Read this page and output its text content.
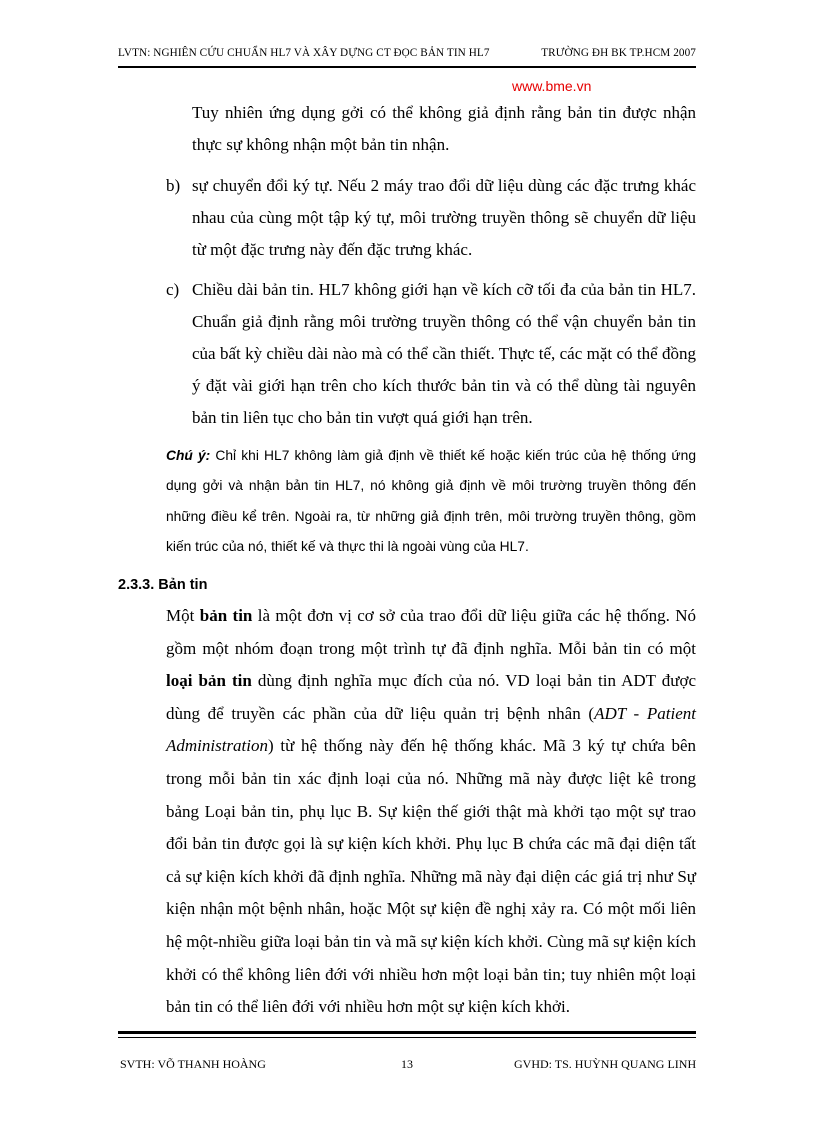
LVTN: NGHIÊN CỨU CHUẨN HL7 VÀ XÂY DỰNG CT ĐỌC BẢN TIN HL7	TRƯỜNG ĐH BK TP.HCM 2007
www.bme.vn
Tuy nhiên ứng dụng gởi có thể không giả định rằng bản tin được nhận thực sự không nhận một bản tin nhận.
b) sự chuyển đổi ký tự. Nếu 2 máy trao đổi dữ liệu dùng các đặc trưng khác nhau của cùng một tập ký tự, môi trường truyền thông sẽ chuyển dữ liệu từ một đặc trưng này đến đặc trưng khác.
c) Chiều dài bản tin. HL7 không giới hạn về kích cỡ tối đa của bản tin HL7. Chuẩn giả định rằng môi trường truyền thông có thể vận chuyển bản tin của bất kỳ chiều dài nào mà có thể cần thiết. Thực tế, các mặt có thể đồng ý đặt vài giới hạn trên cho kích thước bản tin và có thể dùng tài nguyên bản tin liên tục cho bản tin vượt quá giới hạn trên.
Chú ý: Chỉ khi HL7 không làm giả định về thiết kế hoặc kiến trúc của hệ thống ứng dụng gởi và nhận bản tin HL7, nó không giả định về môi trường truyền thông đến những điều kể trên. Ngoài ra, từ những giả định trên, môi trường truyền thông, gồm kiến trúc của nó, thiết kế và thực thi là ngoài vùng của HL7.
2.3.3. Bản tin
Một bản tin là một đơn vị cơ sở của trao đổi dữ liệu giữa các hệ thống. Nó gồm một nhóm đoạn trong một trình tự đã định nghĩa. Mỗi bản tin có một loại bản tin dùng định nghĩa mục đích của nó. VD loại bản tin ADT được dùng để truyền các phần của dữ liệu quản trị bệnh nhân (ADT - Patient Administration) từ hệ thống này đến hệ thống khác. Mã 3 ký tự chứa bên trong mỗi bản tin xác định loại của nó. Những mã này được liệt kê trong bảng Loại bản tin, phụ lục B. Sự kiện thế giới thật mà khởi tạo một sự trao đổi bản tin được gọi là sự kiện kích khởi. Phụ lục B chứa các mã đại diện tất cả sự kiện kích khởi đã định nghĩa. Những mã này đại diện các giá trị như Sự kiện nhận một bệnh nhân, hoặc Một sự kiện đề nghị xảy ra. Có một mối liên hệ một-nhiều giữa loại bản tin và mã sự kiện kích khởi. Cùng mã sự kiện kích khởi có thể không liên đới với nhiều hơn một loại bản tin; tuy nhiên một loại bản tin có thể liên đới với nhiều hơn một sự kiện kích khởi.
SVTH: VÕ THANH HOÀNG	13	GVHD: TS. HUỲNH QUANG LINH
